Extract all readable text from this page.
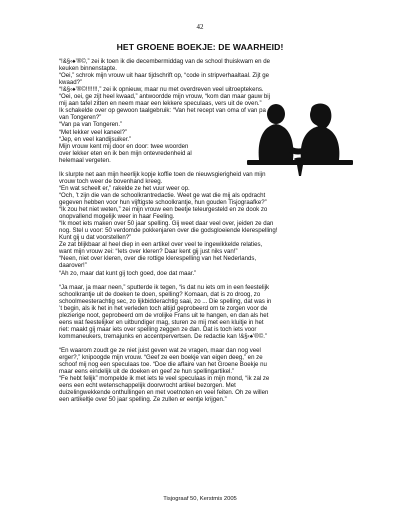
42
HET GROENE BOEKJE: DE WAARHEID!
“!&§‹♠’®©,” zei ik toen ik die decembermiddag van de school thuiskwam en de
keuken binnenstapte.
“Oei,” schrok mijn vrouw uit haar tijdschrift op, “code in stripverhaaltaal. Zijt ge
kwaad?”
“!&§‹♠’®©!!!!!!!,” zei ik opnieuw, maar nu met overdreven veel uitroeptekens.
“Oei, oei, ge zijt heel kwaad,” antwoordde mijn vrouw, “kom dan maar gauw bij
mij aan tafel zitten en neem maar een lekkere speculaas, vers uit de oven.”
Ik schakelde over op gewoon taalgebruik: “Van het recept van oma of van pa
van Tongeren?”
“Van pa van Tongeren.”
“Met lekker veel kaneel?”
“Jep, en veel kandijsuiker.”
Mijn vrouw kent mij door en door: twee woorden
over lekker eten en ik ben mijn ontevredenheid al
helemaal vergeten.
Ik slurpte net aan mijn heerlijk kopje koffie toen de nieuwsgierigheid van mijn
vrouw toch weer de bovenhand kreeg.
“En wat scheelt er,” rakelde ze het vuur weer op.
“Och, ’t zijn die van de schoolkrantredactie. Weet ge wat die mij als opdracht
gegeven hebben voor hun vijftigste schoolkrantje, hun gouden Tisjograafke?”
“Ik zou het niet weten,” zei mijn vrouw een beetje teleurgesteld en ze dook zo
onopvallend mogelijk weer in haar Feeling.
“Ik moet iets maken over 50 jaar spelling. Gij weet daar veel over, jeiden ze dan
nog. Stel u voor: 50 verdomde pokkenjaren over die godsgloeiende klerespelling!
Kunt gij u dat voorstellen?”
Ze zat blijkbaar al heel diep in een artikel over veel te ingewikkelde relaties,
want mijn vrouw zei: “Iets over kleren? Daar kent gij just niks van!”
“Neen, niet over kleren, over die rottige klerespelling van het Nederlands,
daarover!”
“Ah zo, maar dat kunt gij toch goed, doe dat maar.”
“Ja maar, ja maar neen,” sputterde ik tegen, “is dat nu iets om in een feestelijk
schoolkrantje uit de doeken te doen, spelling? Komaan, dat is zo droog, zo
schoolmeesterachtig sec, zo lijkbidderachtig saai, zo ... Die spelling, dat was in
’t begin, als ik het in het verleden toch altijd geprobeerd om te zorgen voor de
plezierige noot, geprobeerd om de vrolijke Frans uit te hangen, en dan als het
eens wat feestelijker en uitbundiger mag, sturen ze mij met een kluitje in het
riet: maakt gij maar iets over spelling zeggen ze dan. Dat is toch iets voor
kommaneukers, tremajunks en accentpervertsen. De redactie kan !&§‹♠’®©.”
“En waarom zoudt ge ze niet juist geven wat ze vragen, maar dan nog veel
erger?,” knipoogde mijn vrouw. “Geef ze een boekje van eigen deeg,” en ze
schoof mij nog een speculaas toe. “Doe die affaire van het Groene Boekje nu
maar eens eindelijk uit de doeken en geef ze hun spellingartikel.”
“Fe hebt felijk” mompelde ik met iets te veel speculaas in mijn mond, “ik zal ze
eens een echt wetenschappelijk doorwrocht artikel bezorgen. Met
duizelingwekkende onthullingen en met voetnoten en veel feiten. Oh ze willen
een artikeltje over 50 jaar spelling. Ze zullen er eentje krijgen.”
Tisjograaf 50, Kerstmis 2005
